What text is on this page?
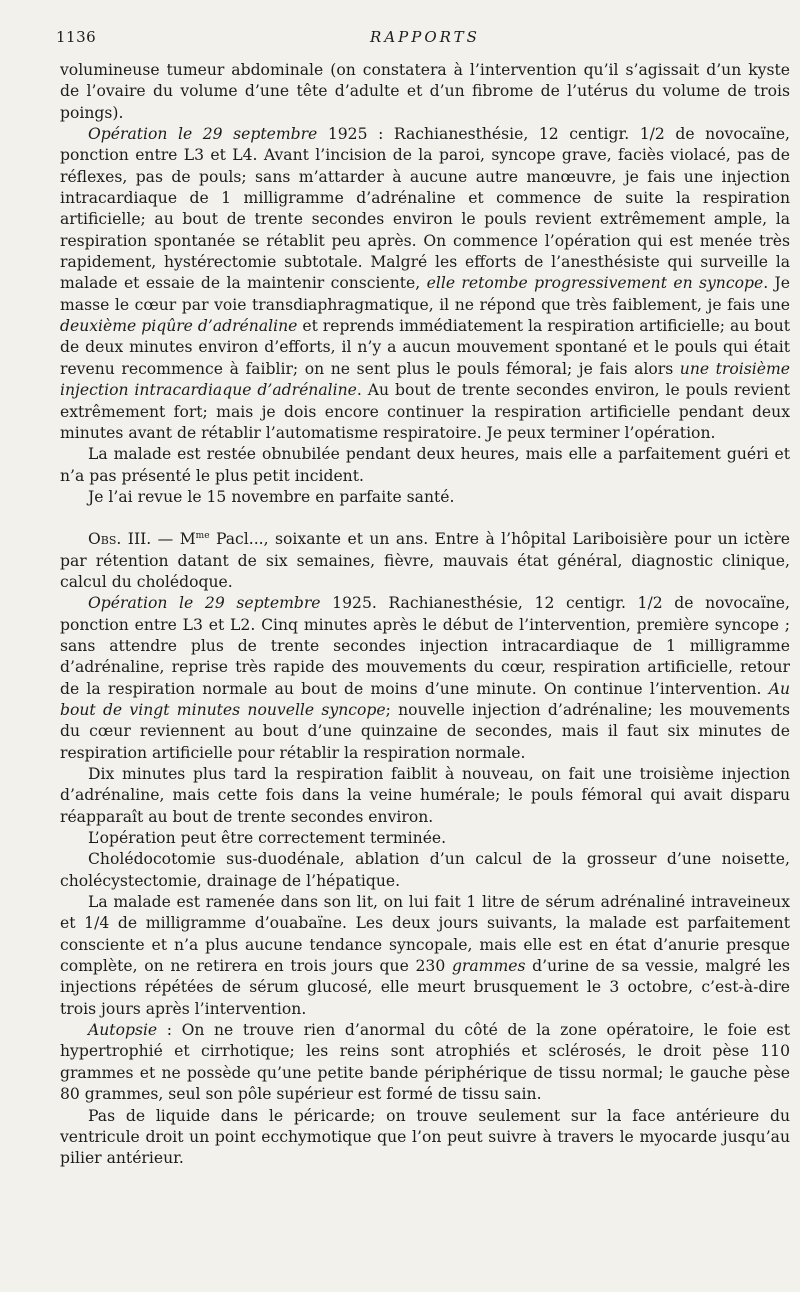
1136	RAPPORTS

volumineuse tumeur abdominale (on constatera à l’intervention qu’il s’agissait d’un kyste de l’ovaire du volume d’une tête d’adulte et d’un fibrome de l’utérus du volume de trois poings).

Opération le 29 septembre 1925 : Rachianesthésie, 12 centigr. 1/2 de novocaïne, ponction entre L3 et L4. Avant l’incision de la paroi, syncope grave, faciès violacé, pas de réflexes, pas de pouls; sans m’attarder à aucune autre manœuvre, je fais une injection intracardiaque de 1 milligramme d’adrénaline et commence de suite la respiration artificielle; au bout de trente secondes environ le pouls revient extrêmement ample, la respiration spontanée se rétablit peu après. On commence l’opération qui est menée très rapidement, hystérectomie subtotale. Malgré les efforts de l’anesthésiste qui surveille la malade et essaie de la maintenir consciente, elle retombe progressivement en syncope. Je masse le cœur par voie transdiaphragmatique, il ne répond que très faiblement, je fais une deuxième piqûre d’adrénaline et reprends immédiatement la respiration artificielle; au bout de deux minutes environ d’efforts, il n’y a aucun mouvement spontané et le pouls qui était revenu recommence à faiblir; on ne sent plus le pouls fémoral; je fais alors une troisième injection intracardiaque d’adrénaline. Au bout de trente secondes environ, le pouls revient extrêmement fort; mais je dois encore continuer la respiration artificielle pendant deux minutes avant de rétablir l’automatisme respiratoire. Je peux terminer l’opération.

La malade est restée obnubilée pendant deux heures, mais elle a parfaitement guéri et n’a pas présenté le plus petit incident.

Je l’ai revue le 15 novembre en parfaite santé.

Obs. III. — $M^{me}$ Pacl..., soixante et un ans. Entre à l’hôpital Lariboisière pour un ictère par rétention datant de six semaines, fièvre, mauvais état général, diagnostic clinique, calcul du cholédoque.

Opération le 29 septembre 1925. Rachianesthésie, 12 centigr. 1/2 de novocaïne, ponction entre L3 et L2. Cinq minutes après le début de l’intervention, première syncope ; sans attendre plus de trente secondes injection intracardiaque de 1 milligramme d’adrénaline, reprise très rapide des mouvements du cœur, respiration artificielle, retour de la respiration normale au bout de moins d’une minute. On continue l’intervention. Au bout de vingt minutes nouvelle syncope; nouvelle injection d’adrénaline; les mouvements du cœur reviennent au bout d’une quinzaine de secondes, mais il faut six minutes de respiration artificielle pour rétablir la respiration normale.

Dix minutes plus tard la respiration faiblit à nouveau, on fait une troisième injection d’adrénaline, mais cette fois dans la veine humérale; le pouls fémoral qui avait disparu réapparaît au bout de trente secondes environ.

L’opération peut être correctement terminée.

Cholédocotomie sus-duodénale, ablation d’un calcul de la grosseur d’une noisette, cholécystectomie, drainage de l’hépatique.

La malade est ramenée dans son lit, on lui fait 1 litre de sérum adrénaliné intraveineux et 1/4 de milligramme d’ouabaïne. Les deux jours suivants, la malade est parfaitement consciente et n’a plus aucune tendance syncopale, mais elle est en état d’anurie presque complète, on ne retirera en trois jours que 230 grammes d’urine de sa vessie, malgré les injections répétées de sérum glucosé, elle meurt brusquement le 3 octobre, c’est-à-dire trois jours après l’intervention.

Autopsie : On ne trouve rien d’anormal du côté de la zone opératoire, le foie est hypertrophié et cirrhotique; les reins sont atrophiés et sclérosés, le droit pèse 110 grammes et ne possède qu’une petite bande périphérique de tissu normal; le gauche pèse 80 grammes, seul son pôle supérieur est formé de tissu sain.

Pas de liquide dans le péricarde; on trouve seulement sur la face antérieure du ventricule droit un point ecchymotique que l’on peut suivre à travers le myocarde jusqu’au pilier antérieur.
